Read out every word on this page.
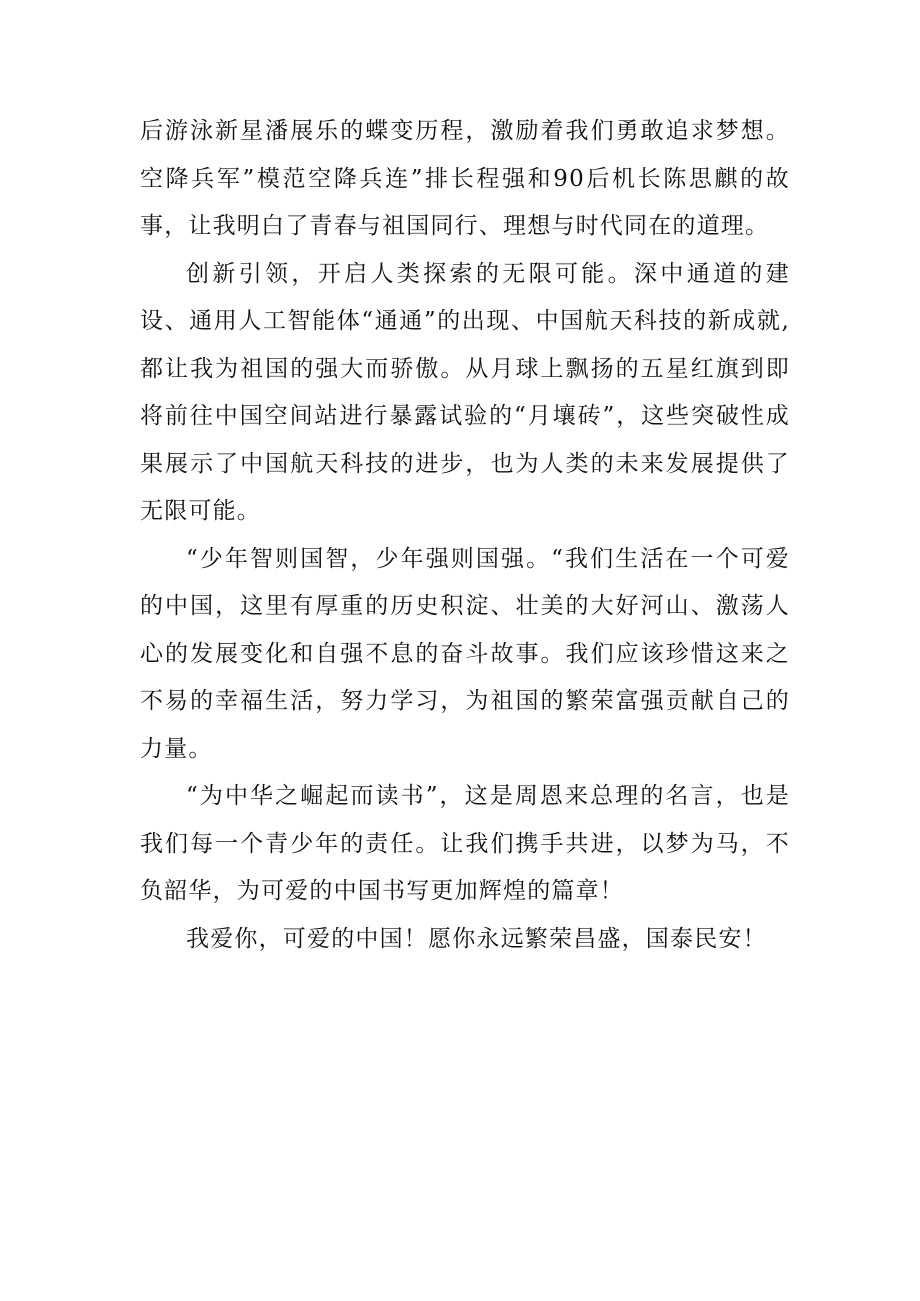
后游泳新星潘展乐的蝶变历程，激励着我们勇敢追求梦想。空降兵军”模范空降兵连”排长程强和90后机长陈思麒的故事，让我明白了青春与祖国同行、理想与时代同在的道理。

创新引领，开启人类探索的无限可能。深中通道的建设、通用人工智能体“通通”的出现、中国航天科技的新成就,都让我为祖国的强大而骄傲。从月球上飘扬的五星红旗到即将前往中国空间站进行暴露试验的“月壤砖”，这些突破性成果展示了中国航天科技的进步，也为人类的未来发展提供了无限可能。

“少年智则国智，少年强则国强。“我们生活在一个可爱的中国，这里有厚重的历史积淀、壮美的大好河山、激荡人心的发展变化和自强不息的奋斗故事。我们应该珍惜这来之不易的幸福生活，努力学习，为祖国的繁荣富强贡献自己的力量。

“为中华之崛起而读书”，这是周恩来总理的名言，也是我们每一个青少年的责任。让我们携手共进，以梦为马，不负韶华，为可爱的中国书写更加辉煌的篇章！

我爱你，可爱的中国！愿你永远繁荣昌盛，国泰民安！
